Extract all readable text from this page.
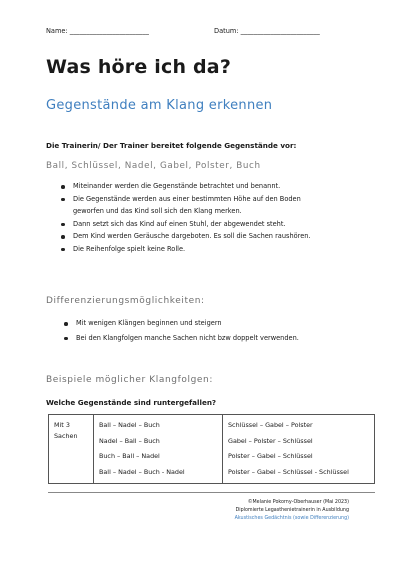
Name: ________________________	Datum: ________________________
Was höre ich da?
Gegenstände am Klang erkennen
Die Trainerin/ Der Trainer bereitet folgende Gegenstände vor:
Ball, Schlüssel, Nadel, Gabel, Polster, Buch
Miteinander werden die Gegenstände betrachtet und benannt.
Die Gegenstände werden aus einer bestimmten Höhe auf den Boden
geworfen und das Kind soll sich den Klang merken.
Dann setzt sich das Kind auf einen Stuhl, der abgewendet steht.
Dem Kind werden Geräusche dargeboten. Es soll die Sachen raushören.
Die Reihenfolge spielt keine Rolle.
Differenzierungsmöglichkeiten:
Mit wenigen Klängen beginnen und steigern
Bei den Klangfolgen manche Sachen nicht bzw doppelt verwenden.
Beispiele möglicher Klangfolgen:
Welche Gegenstände sind runtergefallen?
Mit 3
Sachen

Ball – Nadel – Buch
Nadel – Ball – Buch
Buch – Ball – Nadel
Ball – Nadel – Buch - Nadel

Schlüssel – Gabel – Polster
Gabel – Polster – Schlüssel
Polster – Gabel – Schlüssel
Polster – Gabel – Schlüssel - Schlüssel
©Melanie Pokorny-Oberhauser (Mai 2023)
Diplomierte Legasthenietrainerin in Ausbildung
Akustisches Gedächtnis (sowie Differenzierung)
